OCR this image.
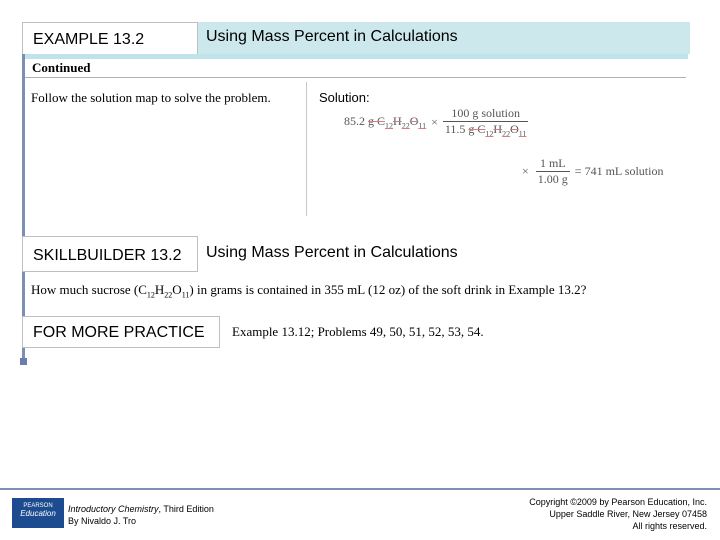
EXAMPLE 13.2	Using Mass Percent in Calculations
Continued
Follow the solution map to solve the problem.	Solution:
85.2 g $C_{12}H_{22}O_{11} \times \frac{\text{100 g solution}}{11.5 g C_{12}H_{22}O_{11}}$
× $\frac{1 mL}{1.00 g} = 741$ mL solution
SKILLBUILDER 13.2	Using Mass Percent in Calculations
How much sucrose $(C_{12}H_{22}O_{11})$ in grams is contained in 355 mL (12 oz) of the soft drink in Example 13.2?
FOR MORE PRACTICE	Example 13.12; Problems 49, 50, 51, 52, 53, 54.
PEARSON
Education	Introductory Chemistry, Third Edition
By Nivaldo J. Tro
Copyright ©2009 by Pearson Education, Inc.
Upper Saddle River, New Jersey 07458
All rights reserved.
